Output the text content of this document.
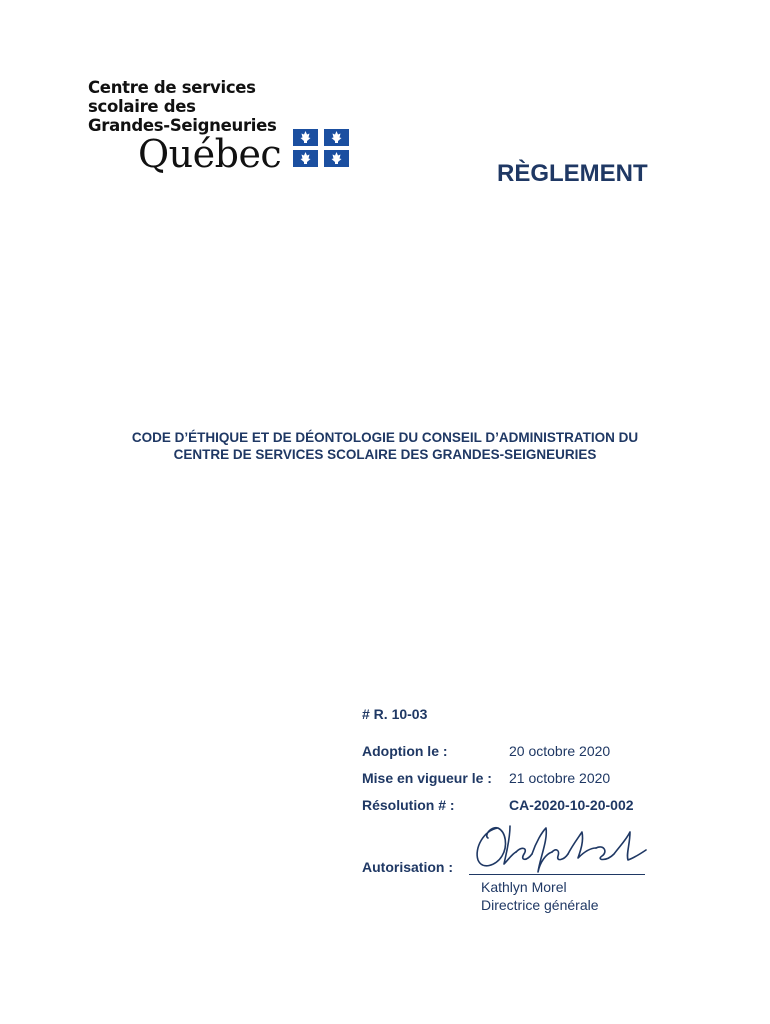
Centre de services
scolaire des
Grandes-Seigneuries
Québec	RÈGLEMENT
CODE D’ÉTHIQUE ET DE DÉONTOLOGIE DU CONSEIL D’ADMINISTRATION DU
CENTRE DE SERVICES SCOLAIRE DES GRANDES-SEIGNEURIES
# R. 10-03
Adoption le :	20 octobre 2020
Mise en vigueur le : 21 octobre 2020
Résolution # :	CA-2020-10-20-002
Autorisation :
Kathlyn Morel
Directrice générale
